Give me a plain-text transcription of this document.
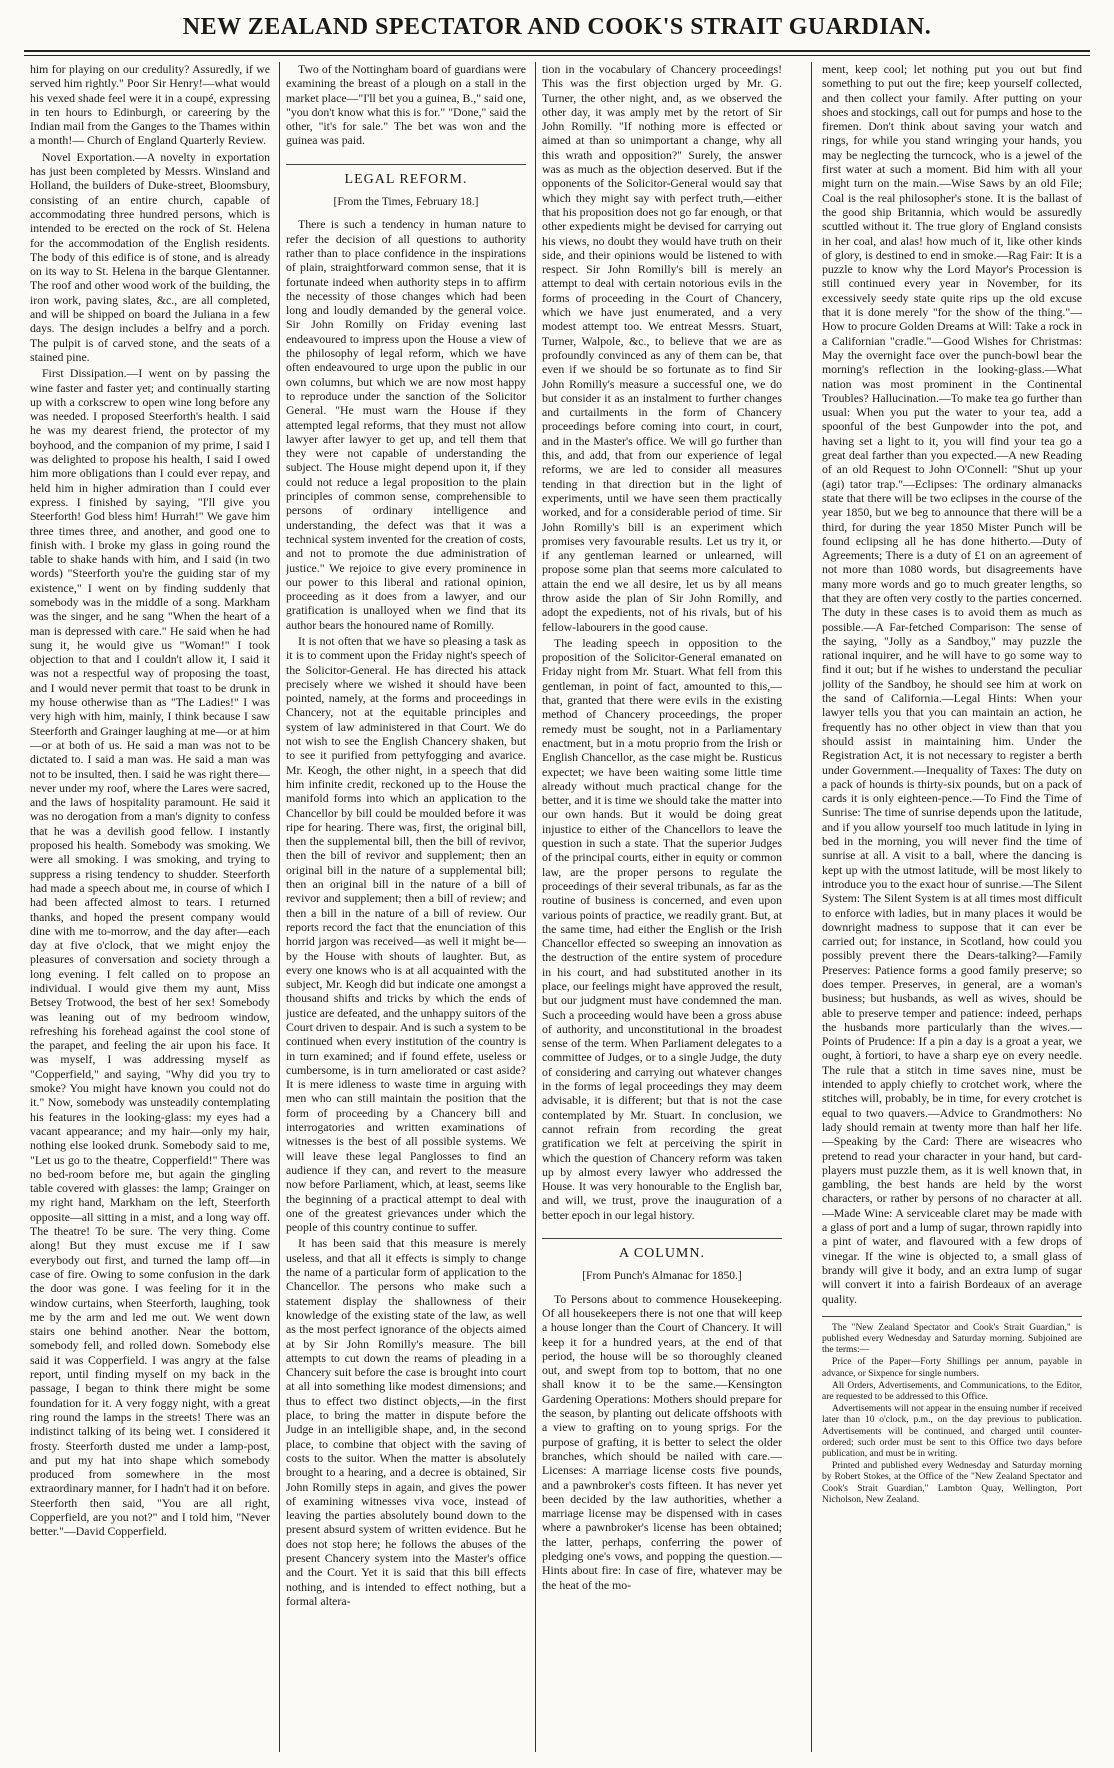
NEW ZEALAND SPECTATOR AND COOK'S STRAIT GUARDIAN.

him for playing on our credulity? Assuredly, if we served him rightly." Poor Sir Henry!—what would his vexed shade feel were it in a coupé, expressing in ten hours to Edinburgh, or careering by the Indian mail from the Ganges to the Thames within a month!— Church of England Quarterly Review.

Novel Exportation.—A novelty in exportation has just been completed by Messrs. Winsland and Holland, the builders of Duke-street, Bloomsbury, consisting of an entire church, capable of accommodating three hundred persons, which is intended to be erected on the rock of St. Helena for the accommodation of the English residents. The body of this edifice is of stone, and is already on its way to St. Helena in the barque Glentanner. The roof and other wood work of the building, the iron work, paving slates, &c., are all completed, and will be shipped on board the Juliana in a few days. The design includes a belfry and a porch. The pulpit is of carved stone, and the seats of a stained pine.

First Dissipation.—I went on by passing the wine faster and faster yet; and continually starting up with a corkscrew to open wine long before any was needed. I proposed Steerforth's health. I said he was my dearest friend, the protector of my boyhood, and the companion of my prime, I said I was delighted to propose his health, I said I owed him more obligations than I could ever repay, and held him in higher admiration than I could ever express. I finished by saying, "I'll give you Steerforth! God bless him! Hurrah!" We gave him three times three, and another, and good one to finish with. I broke my glass in going round the table to shake hands with him, and I said (in two words) "Steerforth you're the guiding star of my existence," I went on by finding suddenly that somebody was in the middle of a song. Markham was the singer, and he sang "When the heart of a man is depressed with care." He said when he had sung it, he would give us "Woman!" I took objection to that and I couldn't allow it, I said it was not a respectful way of proposing the toast, and I would never permit that toast to be drunk in my house otherwise than as "The Ladies!" I was very high with him, mainly, I think because I saw Steerforth and Grainger laughing at me—or at him—or at both of us. He said a man was not to be dictated to. I said a man was. He said a man was not to be insulted, then. I said he was right there—never under my roof, where the Lares were sacred, and the laws of hospitality paramount. He said it was no derogation from a man's dignity to confess that he was a devilish good fellow. I instantly proposed his health. Somebody was smoking. We were all smoking. I was smoking, and trying to suppress a rising tendency to shudder. Steerforth had made a speech about me, in course of which I had been affected almost to tears. I returned thanks, and hoped the present company would dine with me to-morrow, and the day after—each day at five o'clock, that we might enjoy the pleasures of conversation and society through a long evening. I felt called on to propose an individual. I would give them my aunt, Miss Betsey Trotwood, the best of her sex! Somebody was leaning out of my bedroom window, refreshing his forehead against the cool stone of the parapet, and feeling the air upon his face. It was myself, I was addressing myself as "Copperfield," and saying, "Why did you try to smoke? You might have known you could not do it." Now, somebody was unsteadily contemplating his features in the looking-glass: my eyes had a vacant appearance; and my hair—only my hair, nothing else looked drunk. Somebody said to me, "Let us go to the theatre, Copperfield!" There was no bed-room before me, but again the gingling table covered with glasses: the lamp; Grainger on my right hand, Markham on the left, Steerforth opposite—all sitting in a mist, and a long way off. The theatre! To be sure. The very thing. Come along! But they must excuse me if I saw everybody out first, and turned the lamp off—in case of fire. Owing to some confusion in the dark the door was gone. I was feeling for it in the window curtains, when Steerforth, laughing, took me by the arm and led me out. We went down stairs one behind another. Near the bottom, somebody fell, and rolled down. Somebody else said it was Copperfield. I was angry at the false report, until finding myself on my back in the passage, I began to think there might be some foundation for it. A very foggy night, with a great ring round the lamps in the streets! There was an indistinct talking of its being wet. I considered it frosty. Steerforth dusted me under a lamp-post, and put my hat into shape which somebody produced from somewhere in the most extraordinary manner, for I hadn't had it on before. Steerforth then said, "You are all right, Copperfield, are you not?" and I told him, "Never better."—David Copperfield.

Two of the Nottingham board of guardians were examining the breast of a plough on a stall in the market place—"I'll bet you a guinea, B.," said one, "you don't know what this is for." "Done," said the other, "it's for sale." The bet was won and the guinea was paid.

LEGAL REFORM.
[From the Times, February 18.]

There is such a tendency in human nature to refer the decision of all questions to authority rather than to place confidence in the inspirations of plain, straightforward common sense, that it is fortunate indeed when authority steps in to affirm the necessity of those changes which had been long and loudly demanded by the general voice. Sir John Romilly on Friday evening last endeavoured to impress upon the House a view of the philosophy of legal reform, which we have often endeavoured to urge upon the public in our own columns, but which we are now most happy to reproduce under the sanction of the Solicitor General. "He must warn the House if they attempted legal reforms, that they must not allow lawyer after lawyer to get up, and tell them that they were not capable of understanding the subject. The House might depend upon it, if they could not reduce a legal proposition to the plain principles of common sense, comprehensible to persons of ordinary intelligence and understanding, the defect was that it was a technical system invented for the creation of costs, and not to promote the due administration of justice." We rejoice to give every prominence in our power to this liberal and rational opinion, proceeding as it does from a lawyer, and our gratification is unalloyed when we find that its author bears the honoured name of Romilly.

It is not often that we have so pleasing a task as it is to comment upon the Friday night's speech of the Solicitor-General. He has directed his attack precisely where we wished it should have been pointed, namely, at the forms and proceedings in Chancery, not at the equitable principles and system of law administered in that Court. We do not wish to see the English Chancery shaken, but to see it purified from pettyfogging and avarice. Mr. Keogh, the other night, in a speech that did him infinite credit, reckoned up to the House the manifold forms into which an application to the Chancellor by bill could be moulded before it was ripe for hearing. There was, first, the original bill, then the supplemental bill, then the bill of revivor, then the bill of revivor and supplement; then an original bill in the nature of a supplemental bill; then an original bill in the nature of a bill of revivor and supplement; then a bill of review; and then a bill in the nature of a bill of review. Our reports record the fact that the enunciation of this horrid jargon was received—as well it might be—by the House with shouts of laughter. But, as every one knows who is at all acquainted with the subject, Mr. Keogh did but indicate one amongst a thousand shifts and tricks by which the ends of justice are defeated, and the unhappy suitors of the Court driven to despair. And is such a system to be continued when every institution of the country is in turn examined; and if found effete, useless or cumbersome, is in turn ameliorated or cast aside? It is mere idleness to waste time in arguing with men who can still maintain the position that the form of proceeding by a Chancery bill and interrogatories and written examinations of witnesses is the best of all possible systems. We will leave these legal Panglosses to find an audience if they can, and revert to the measure now before Parliament, which, at least, seems like the beginning of a practical attempt to deal with one of the greatest grievances under which the people of this country continue to suffer.

It has been said that this measure is merely useless, and that all it effects is simply to change the name of a particular form of application to the Chancellor. The persons who make such a statement display the shallowness of their knowledge of the existing state of the law, as well as the most perfect ignorance of the objects aimed at by Sir John Romilly's measure. The bill attempts to cut down the reams of pleading in a Chancery suit before the case is brought into court at all into something like modest dimensions; and thus to effect two distinct objects,—in the first place, to bring the matter in dispute before the Judge in an intelligible shape, and, in the second place, to combine that object with the saving of costs to the suitor. When the matter is absolutely brought to a hearing, and a decree is obtained, Sir John Romilly steps in again, and gives the power of examining witnesses viva voce, instead of leaving the parties absolutely bound down to the present absurd system of written evidence. But he does not stop here; he follows the abuses of the present Chancery system into the Master's office and the Court. Yet it is said that this bill effects nothing, and is intended to effect nothing, but a formal altera-

tion in the vocabulary of Chancery proceedings! This was the first objection urged by Mr. G. Turner, the other night, and, as we observed the other day, it was amply met by the retort of Sir John Romilly. "If nothing more is effected or aimed at than so unimportant a change, why all this wrath and opposition?" Surely, the answer was as much as the objection deserved. But if the opponents of the Solicitor-General would say that which they might say with perfect truth,—either that his proposition does not go far enough, or that other expedients might be devised for carrying out his views, no doubt they would have truth on their side, and their opinions would be listened to with respect. Sir John Romilly's bill is merely an attempt to deal with certain notorious evils in the forms of proceeding in the Court of Chancery, which we have just enumerated, and a very modest attempt too. We entreat Messrs. Stuart, Turner, Walpole, &c., to believe that we are as profoundly convinced as any of them can be, that even if we should be so fortunate as to find Sir John Romilly's measure a successful one, we do but consider it as an instalment to further changes and curtailments in the form of Chancery proceedings before coming into court, in court, and in the Master's office. We will go further than this, and add, that from our experience of legal reforms, we are led to consider all measures tending in that direction but in the light of experiments, until we have seen them practically worked, and for a considerable period of time. Sir John Romilly's bill is an experiment which promises very favourable results. Let us try it, or if any gentleman learned or unlearned, will propose some plan that seems more calculated to attain the end we all desire, let us by all means throw aside the plan of Sir John Romilly, and adopt the expedients, not of his rivals, but of his fellow-labourers in the good cause.

The leading speech in opposition to the proposition of the Solicitor-General emanated on Friday night from Mr. Stuart. What fell from this gentleman, in point of fact, amounted to this,—that, granted that there were evils in the existing method of Chancery proceedings, the proper remedy must be sought, not in a Parliamentary enactment, but in a motu proprio from the Irish or English Chancellor, as the case might be. Rusticus expectet; we have been waiting some little time already without much practical change for the better, and it is time we should take the matter into our own hands. But it would be doing great injustice to either of the Chancellors to leave the question in such a state. That the superior Judges of the principal courts, either in equity or common law, are the proper persons to regulate the proceedings of their several tribunals, as far as the routine of business is concerned, and even upon various points of practice, we readily grant. But, at the same time, had either the English or the Irish Chancellor effected so sweeping an innovation as the destruction of the entire system of procedure in his court, and had substituted another in its place, our feelings might have approved the result, but our judgment must have condemned the man. Such a proceeding would have been a gross abuse of authority, and unconstitutional in the broadest sense of the term. When Parliament delegates to a committee of Judges, or to a single Judge, the duty of considering and carrying out whatever changes in the forms of legal proceedings they may deem advisable, it is different; but that is not the case contemplated by Mr. Stuart. In conclusion, we cannot refrain from recording the great gratification we felt at perceiving the spirit in which the question of Chancery reform was taken up by almost every lawyer who addressed the House. It was very honourable to the English bar, and will, we trust, prove the inauguration of a better epoch in our legal history.

A COLUMN.
[From Punch's Almanac for 1850.]

To Persons about to commence Housekeeping. Of all housekeepers there is not one that will keep a house longer than the Court of Chancery. It will keep it for a hundred years, at the end of that period, the house will be so thoroughly cleaned out, and swept from top to bottom, that no one shall know it to be the same.—Kensington Gardening Operations: Mothers should prepare for the season, by planting out delicate offshoots with a view to grafting on to young sprigs. For the purpose of grafting, it is better to select the older branches, which should be nailed with care.—Licenses: A marriage license costs five pounds, and a pawnbroker's costs fifteen. It has never yet been decided by the law authorities, whether a marriage license may be dispensed with in cases where a pawnbroker's license has been obtained; the latter, perhaps, conferring the power of pledging one's vows, and popping the question.—Hints about fire: In case of fire, whatever may be the heat of the mo-

ment, keep cool; let nothing put you out but find something to put out the fire; keep yourself collected, and then collect your family. After putting on your shoes and stockings, call out for pumps and hose to the firemen. Don't think about saving your watch and rings, for while you stand wringing your hands, you may be neglecting the turncock, who is a jewel of the first water at such a moment. Bid him with all your might turn on the main.—Wise Saws by an old File; Coal is the real philosopher's stone. It is the ballast of the good ship Britannia, which would be assuredly scuttled without it. The true glory of England consists in her coal, and alas! how much of it, like other kinds of glory, is destined to end in smoke.—Rag Fair: It is a puzzle to know why the Lord Mayor's Procession is still continued every year in November, for its excessively seedy state quite rips up the old excuse that it is done merely "for the show of the thing."—How to procure Golden Dreams at Will: Take a rock in a Californian "cradle."—Good Wishes for Christmas: May the overnight face over the punch-bowl bear the morning's reflection in the looking-glass.—What nation was most prominent in the Continental Troubles? Hallucination.—To make tea go further than usual: When you put the water to your tea, add a spoonful of the best Gunpowder into the pot, and having set a light to it, you will find your tea go a great deal farther than you expected.—A new Reading of an old Request to John O'Connell: "Shut up your (agi) tator trap."—Eclipses: The ordinary almanacks state that there will be two eclipses in the course of the year 1850, but we beg to announce that there will be a third, for during the year 1850 Mister Punch will be found eclipsing all he has done hitherto.—Duty of Agreements; There is a duty of £1 on an agreement of not more than 1080 words, but disagreements have many more words and go to much greater lengths, so that they are often very costly to the parties concerned. The duty in these cases is to avoid them as much as possible.—A Far-fetched Comparison: The sense of the saying, "Jolly as a Sandboy," may puzzle the rational inquirer, and he will have to go some way to find it out; but if he wishes to understand the peculiar jollity of the Sandboy, he should see him at work on the sand of California.—Legal Hints: When your lawyer tells you that you can maintain an action, he frequently has no other object in view than that you should assist in maintaining him. Under the Registration Act, it is not necessary to register a berth under Government.—Inequality of Taxes: The duty on a pack of hounds is thirty-six pounds, but on a pack of cards it is only eighteen-pence.—To Find the Time of Sunrise: The time of sunrise depends upon the latitude, and if you allow yourself too much latitude in lying in bed in the morning, you will never find the time of sunrise at all. A visit to a ball, where the dancing is kept up with the utmost latitude, will be most likely to introduce you to the exact hour of sunrise.—The Silent System: The Silent System is at all times most difficult to enforce with ladies, but in many places it would be downright madness to suppose that it can ever be carried out; for instance, in Scotland, how could you possibly prevent there the Dears-talking?—Family Preserves: Patience forms a good family preserve; so does temper. Preserves, in general, are a woman's business; but husbands, as well as wives, should be able to preserve temper and patience: indeed, perhaps the husbands more particularly than the wives.—Points of Prudence: If a pin a day is a groat a year, we ought, à fortiori, to have a sharp eye on every needle. The rule that a stitch in time saves nine, must be intended to apply chiefly to crotchet work, where the stitches will, probably, be in time, for every crotchet is equal to two quavers.—Advice to Grandmothers: No lady should remain at twenty more than half her life.—Speaking by the Card: There are wiseacres who pretend to read your character in your hand, but card-players must puzzle them, as it is well known that, in gambling, the best hands are held by the worst characters, or rather by persons of no character at all.—Made Wine: A serviceable claret may be made with a glass of port and a lump of sugar, thrown rapidly into a pint of water, and flavoured with a few drops of vinegar. If the wine is objected to, a small glass of brandy will give it body, and an extra lump of sugar will convert it into a fairish Bordeaux of an average quality.

The "New Zealand Spectator and Cook's Strait Guardian," is published every Wednesday and Saturday morning. Subjoined are the terms:—

Price of the Paper—Forty Shillings per annum, payable in advance, or Sixpence for single numbers.

All Orders, Advertisements, and Communications, to the Editor, are requested to be addressed to this Office.

Advertisements will not appear in the ensuing number if received later than 10 o'clock, p.m., on the day previous to publication. Advertisements will be continued, and charged until counter-ordered; such order must be sent to this Office two days before publication, and must be in writing.

Printed and published every Wednesday and Saturday morning by Robert Stokes, at the Office of the "New Zealand Spectator and Cook's Strait Guardian," Lambton Quay, Wellington, Port Nicholson, New Zealand.
